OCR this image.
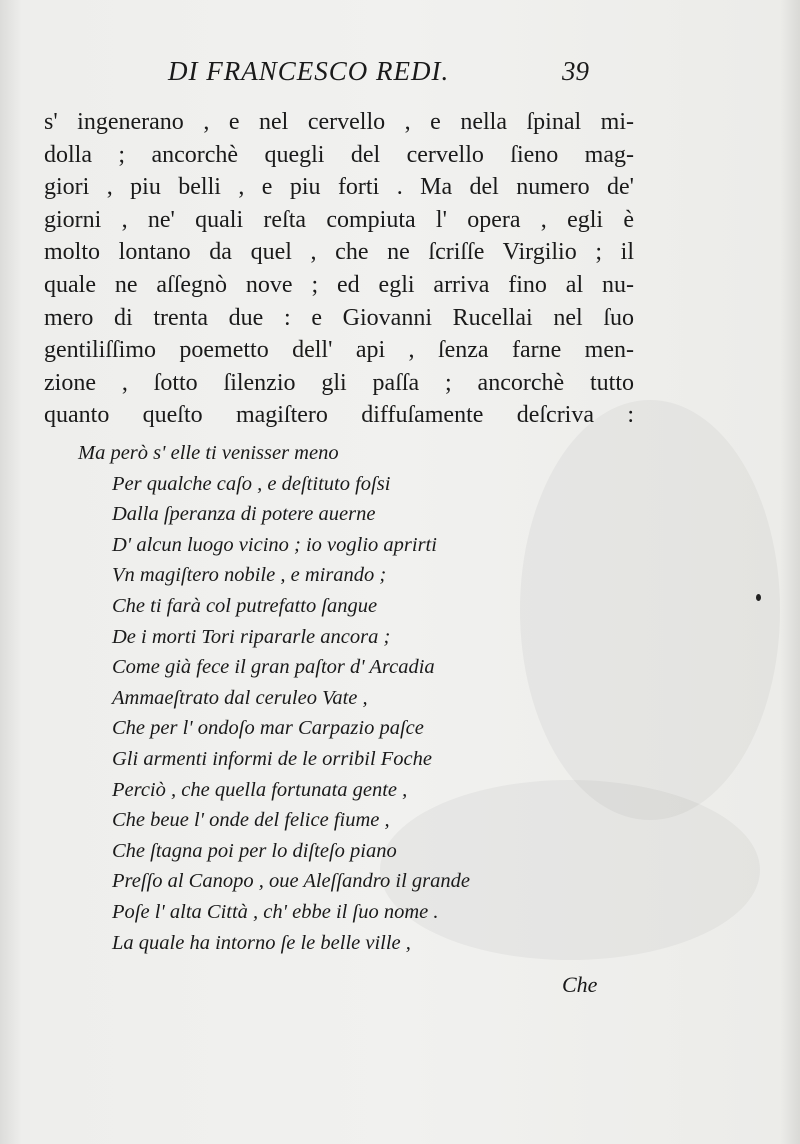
DI FRANCESCO REDI.	39
s' ingenerano , e nel cervello , e nella ſpinal mi-
dolla ; ancorchè quegli del cervello ſieno mag-
giori , piu belli , e piu forti . Ma del numero de'
giorni , ne' quali reſta compiuta l' opera , egli è
molto lontano da quel , che ne ſcriſſe Virgilio ; il
quale ne aſſegnò nove ; ed egli arriva fino al nu-
mero di trenta due : e Giovanni Rucellai nel ſuo
gentiliſſimo poemetto dell' api , ſenza farne men-
zione , ſotto ſilenzio gli paſſa ; ancorchè tutto
quanto queſto magiſtero diffuſamente deſcriva :
Ma però s' elle ti venisser meno
Per qualche caſo , e deſtituto foſsi
Dalla ſperanza di potere auerne
D' alcun luogo vicino ; io voglio aprirti
Vn magiſtero nobile , e mirando ;
Che ti farà col putrefatto ſangue
De i morti Tori ripararle ancora ;
Come già fece il gran paſtor d' Arcadia
Ammaeſtrato dal ceruleo Vate ,
Che per l' ondoſo mar Carpazio paſce
Gli armenti informi de le orribil Foche
Perciò , che quella fortunata gente ,
Che beue l' onde del felice fiume ,
Che ſtagna poi per lo diſteſo piano
Preſſo al Canopo , oue Aleſſandro il grande
Poſe l' alta Città , ch' ebbe il ſuo nome .
La quale ha intorno ſe le belle ville ,
Che
